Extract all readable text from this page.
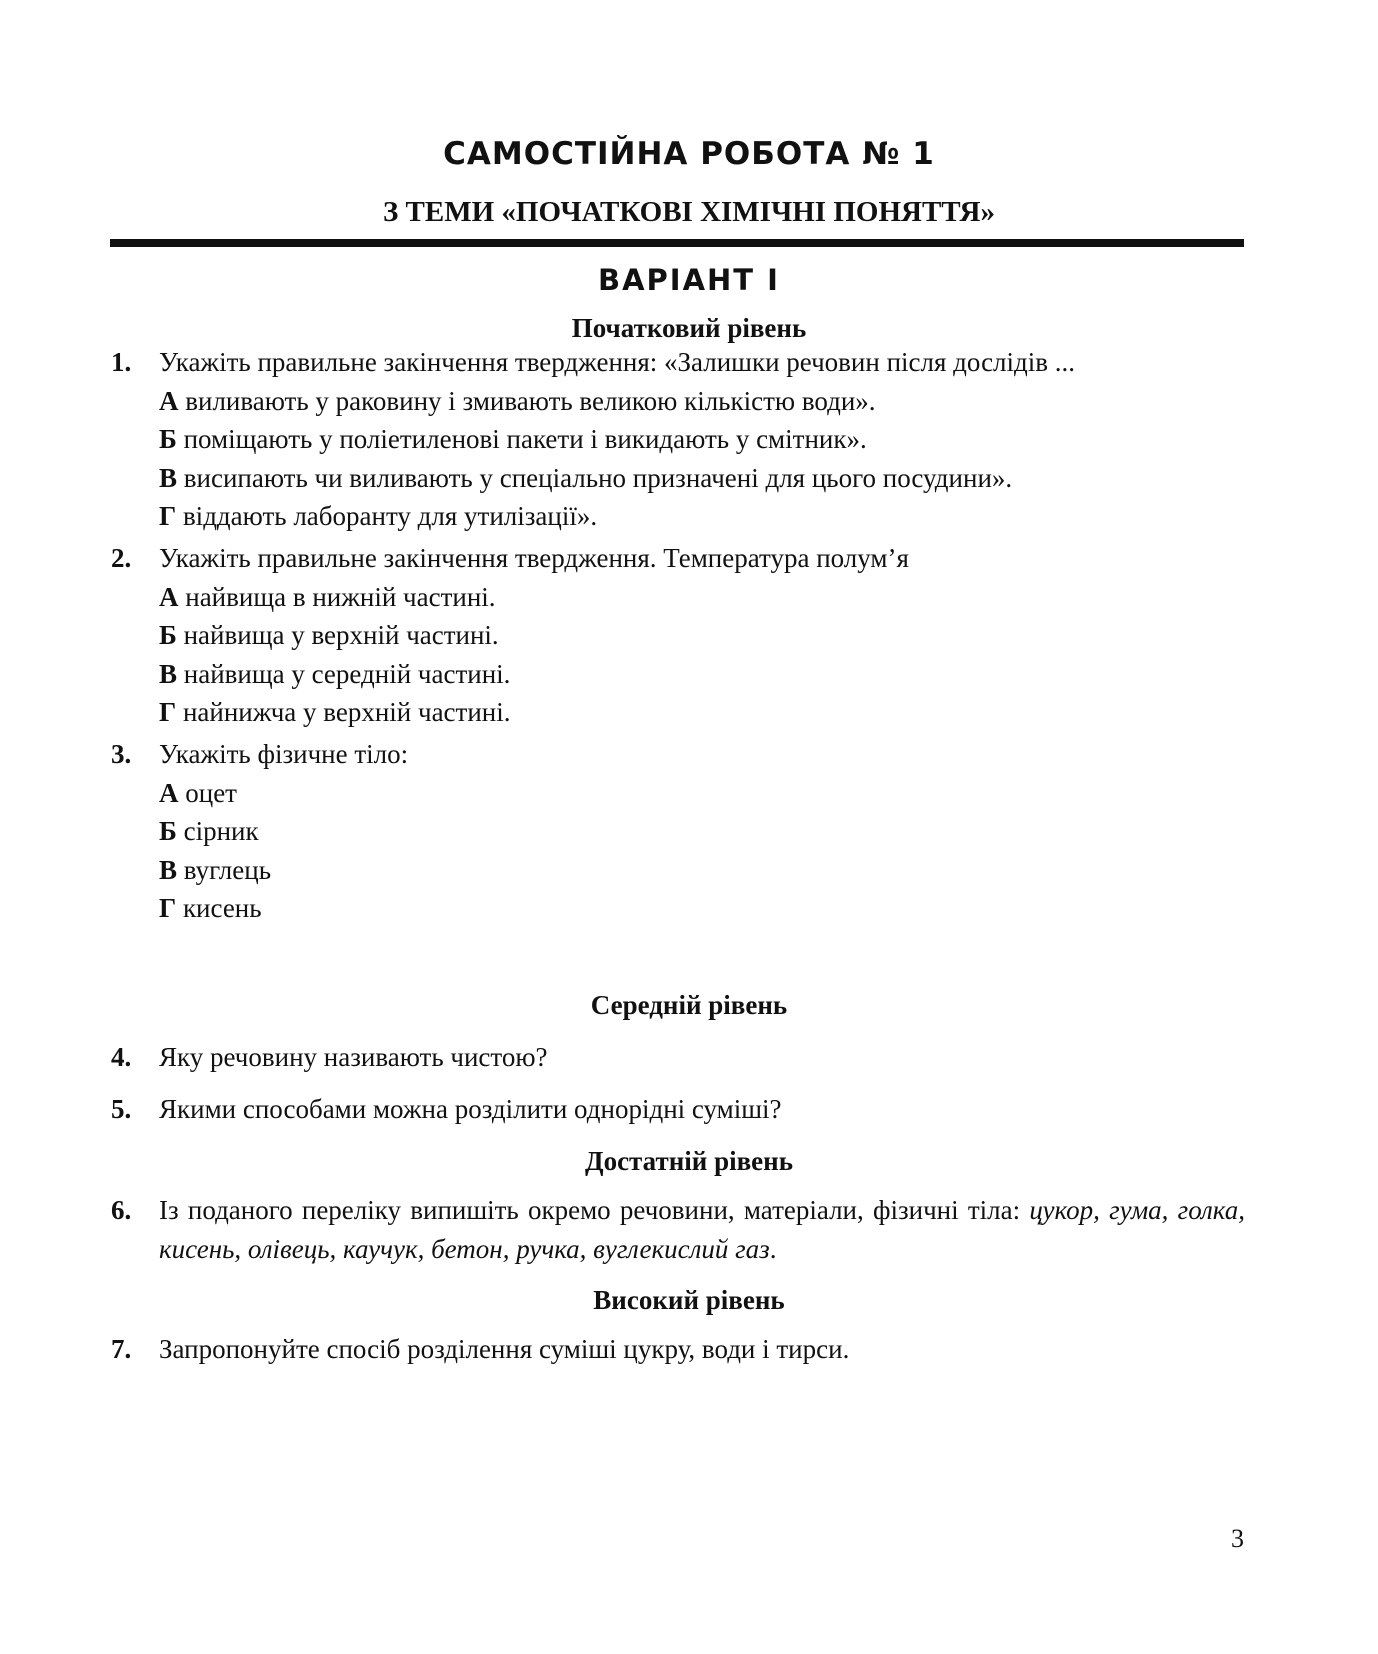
САМОСТІЙНА РОБОТА № 1
З ТЕМИ «ПОЧАТКОВІ ХІМІЧНІ ПОНЯТТЯ»
ВАРІАНТ І
Початковий рівень
1. Укажіть правильне закінчення твердження: «Залишки речовин після дослідів ...
А виливають у раковину і змивають великою кількістю води».
Б поміщають у поліетиленові пакети і викидають у смітник».
В висипають чи виливають у спеціально призначені для цього посудини».
Г віддають лаборанту для утилізації».
2. Укажіть правильне закінчення твердження. Температура полум’я
А найвища в нижній частині.
Б найвища у верхній частині.
В найвища у середній частині.
Г найнижча у верхній частині.
3. Укажіть фізичне тіло:
А оцет
Б сірник
В вуглець
Г кисень
Середній рівень
4. Яку речовину називають чистою?
5. Якими способами можна розділити однорідні суміші?
Достатній рівень
6. Із поданого переліку випишіть окремо речовини, матеріали, фізичні тіла: цукор, гума, голка, кисень, олівець, каучук, бетон, ручка, вуглекислий газ.
Високий рівень
7. Запропонуйте спосіб розділення суміші цукру, води і тирси.
3
